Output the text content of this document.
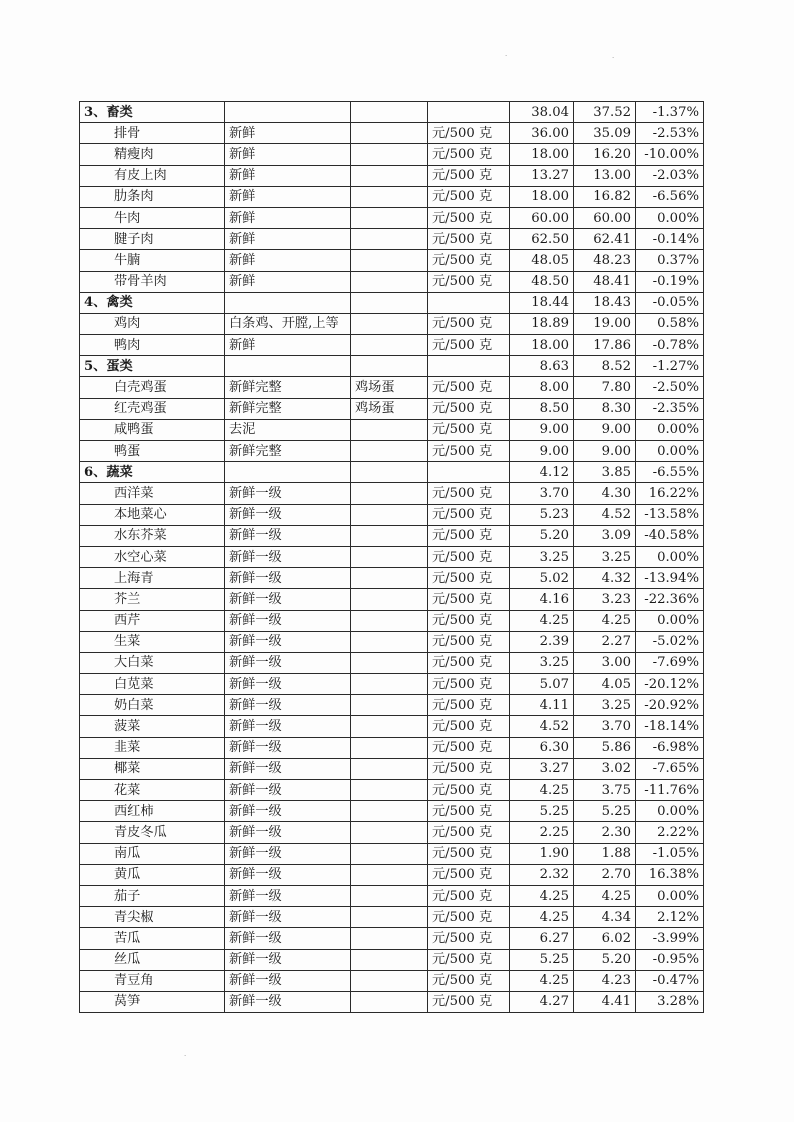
·	·
·
3、畜类				38.04	37.52	-1.37%
排骨	新鲜		元/500 克	36.00	35.09	-2.53%
精瘦肉	新鲜		元/500 克	18.00	16.20	-10.00%
有皮上肉	新鲜		元/500 克	13.27	13.00	-2.03%
肋条肉	新鲜		元/500 克	18.00	16.82	-6.56%
牛肉	新鲜		元/500 克	60.00	60.00	0.00%
腱子肉	新鲜		元/500 克	62.50	62.41	-0.14%
牛腩	新鲜		元/500 克	48.05	48.23	0.37%
带骨羊肉	新鲜		元/500 克	48.50	48.41	-0.19%
4、禽类				18.44	18.43	-0.05%
鸡肉	白条鸡、开膛,上等		元/500 克	18.89	19.00	0.58%
鸭肉	新鲜		元/500 克	18.00	17.86	-0.78%
5、蛋类				8.63	8.52	-1.27%
白壳鸡蛋	新鲜完整	鸡场蛋	元/500 克	8.00	7.80	-2.50%
红壳鸡蛋	新鲜完整	鸡场蛋	元/500 克	8.50	8.30	-2.35%
咸鸭蛋	去泥		元/500 克	9.00	9.00	0.00%
鸭蛋	新鲜完整		元/500 克	9.00	9.00	0.00%
6、蔬菜				4.12	3.85	-6.55%
西洋菜	新鲜一级		元/500 克	3.70	4.30	16.22%
本地菜心	新鲜一级		元/500 克	5.23	4.52	-13.58%
水东芥菜	新鲜一级		元/500 克	5.20	3.09	-40.58%
水空心菜	新鲜一级		元/500 克	3.25	3.25	0.00%
上海青	新鲜一级		元/500 克	5.02	4.32	-13.94%
芥兰	新鲜一级		元/500 克	4.16	3.23	-22.36%
西芹	新鲜一级		元/500 克	4.25	4.25	0.00%
生菜	新鲜一级		元/500 克	2.39	2.27	-5.02%
大白菜	新鲜一级		元/500 克	3.25	3.00	-7.69%
白苋菜	新鲜一级		元/500 克	5.07	4.05	-20.12%
奶白菜	新鲜一级		元/500 克	4.11	3.25	-20.92%
菠菜	新鲜一级		元/500 克	4.52	3.70	-18.14%
韭菜	新鲜一级		元/500 克	6.30	5.86	-6.98%
椰菜	新鲜一级		元/500 克	3.27	3.02	-7.65%
花菜	新鲜一级		元/500 克	4.25	3.75	-11.76%
西红柿	新鲜一级		元/500 克	5.25	5.25	0.00%
青皮冬瓜	新鲜一级		元/500 克	2.25	2.30	2.22%
南瓜	新鲜一级		元/500 克	1.90	1.88	-1.05%
黄瓜	新鲜一级		元/500 克	2.32	2.70	16.38%
茄子	新鲜一级		元/500 克	4.25	4.25	0.00%
青尖椒	新鲜一级		元/500 克	4.25	4.34	2.12%
苦瓜	新鲜一级		元/500 克	6.27	6.02	-3.99%
丝瓜	新鲜一级		元/500 克	5.25	5.20	-0.95%
青豆角	新鲜一级		元/500 克	4.25	4.23	-0.47%
莴笋	新鲜一级		元/500 克	4.27	4.41	3.28%
